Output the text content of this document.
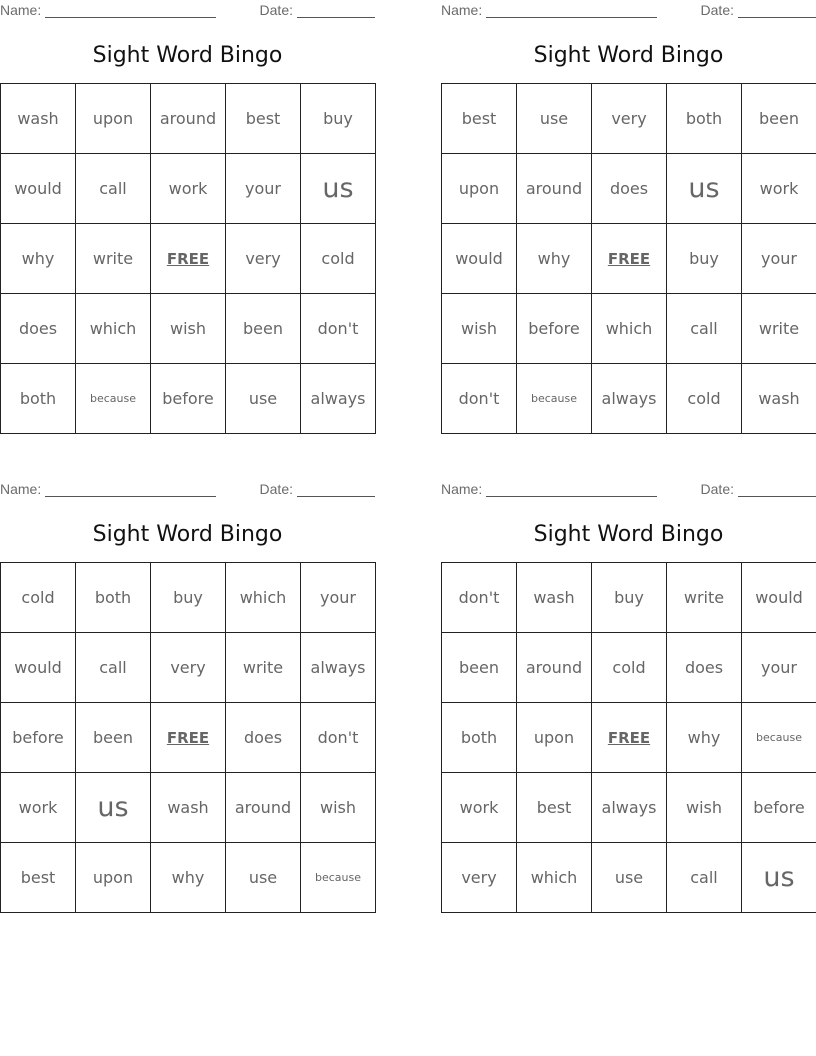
Name:	Date:
Sight Word Bingo
wash	upon	around	best	buy
would	call	work	your	us
why	write	FREE	very	cold
does	which	wish	been	don't
both	because	before	use	always
Name:	Date:
Sight Word Bingo
best	use	very	both	been
upon	around	does	us	work
would	why	FREE	buy	your
wish	before	which	call	write
don't	because	always	cold	wash
Name:	Date:
Sight Word Bingo
cold	both	buy	which	your
would	call	very	write	always
before	been	FREE	does	don't
work	us	wash	around	wish
best	upon	why	use	because
Name:	Date:
Sight Word Bingo
don't	wash	buy	write	would
been	around	cold	does	your
both	upon	FREE	why	because
work	best	always	wish	before
very	which	use	call	us
